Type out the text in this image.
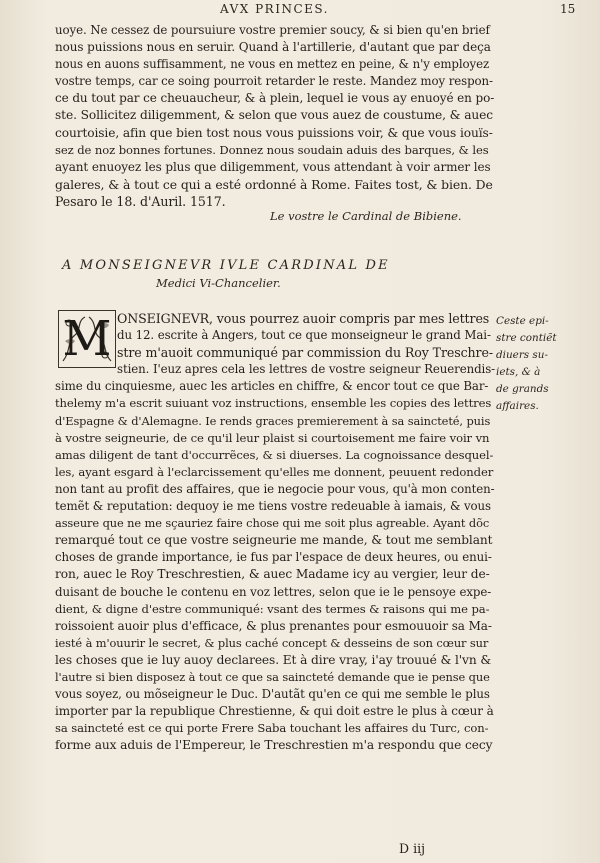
AVX PRINCES.	15
uoye. Ne cessez de poursuiure vostre premier soucy, & si bien qu'en brief
nous puissions nous en seruir. Quand à l'artillerie, d'autant que par deça
nous en auons suffisamment, ne vous en mettez en peine, & n'y employez
vostre temps, car ce soing pourroit retarder le reste. Mandez moy respon-
ce du tout par ce cheuaucheur, & à plein, lequel ie vous ay enuoyé en po-
ste. Sollicitez diligemment, & selon que vous auez de coustume, & auec
courtoisie, afin que bien tost nous vous puissions voir, & que vous iouïs-
sez de noz bonnes fortunes. Donnez nous soudain aduis des barques, & les
ayant enuoyez les plus que diligemment, vous attendant à voir armer les
galeres, & à tout ce qui a esté ordonné à Rome. Faites tost, & bien. De
Pesaro le 18. d'Auril. 1517.
Le vostre le Cardinal de Bibiene.
A MONSEIGNEVR IVLE CARDINAL DE
Medici Vi-Chancelier.
M ONSEIGNEVR, vous pourrez auoir compris par mes lettres
du 12. escrite à Angers, tout ce que monseigneur le grand Mai-
stre m'auoit communiqué par commission du Roy Treschre-
stien. I'euz apres cela les lettres de vostre seigneur Reuerendis-
sime du cinquiesme, auec les articles en chiffre, & encor tout ce que Bar-
thelemy m'a escrit suiuant voz instructions, ensemble les copies des lettres
d'Espagne & d'Alemagne. Ie rends graces premierement à sa saincteté, puis
à vostre seigneurie, de ce qu'il leur plaist si courtoisement me faire voir vn
amas diligent de tant d'occurrẽces, & si diuerses. La cognoissance desquel-
les, ayant esgard à l'eclarcissement qu'elles me donnent, peuuent redonder
non tant au profit des affaires, que ie negocie pour vous, qu'à mon conten-
temẽt & reputation: dequoy ie me tiens vostre redeuable à iamais, & vous
asseure que ne me sçauriez faire chose qui me soit plus agreable. Ayant dõc
remarqué tout ce que vostre seigneurie me mande, & tout me semblant
choses de grande importance, ie fus par l'espace de deux heures, ou enui-
ron, auec le Roy Treschrestien, & auec Madame icy au vergier, leur de-
duisant de bouche le contenu en voz lettres, selon que ie le pensoye expe-
dient, & digne d'estre communiqué: vsant des termes & raisons qui me pa-
roissoient auoir plus d'efficace, & plus prenantes pour esmouuoir sa Ma-
iesté à m'ouurir le secret, & plus caché concept & desseins de son cœur sur
les choses que ie luy auoy declarees. Et à dire vray, i'ay trouué & l'vn &
l'autre si bien disposez à tout ce que sa saincteté demande que ie pense que
vous soyez, ou mõseigneur le Duc. D'autãt qu'en ce qui me semble le plus
importer par la republique Chrestienne, & qui doit estre le plus à cœur à
sa saincteté est ce qui porte Frere Saba touchant les affaires du Turc, con-
forme aux aduis de l'Empereur, le Treschrestien m'a respondu que cecy
Ceste epi-
stre contiẽt
diuers su-
iets, & à
de grands
affaires.
D iij
